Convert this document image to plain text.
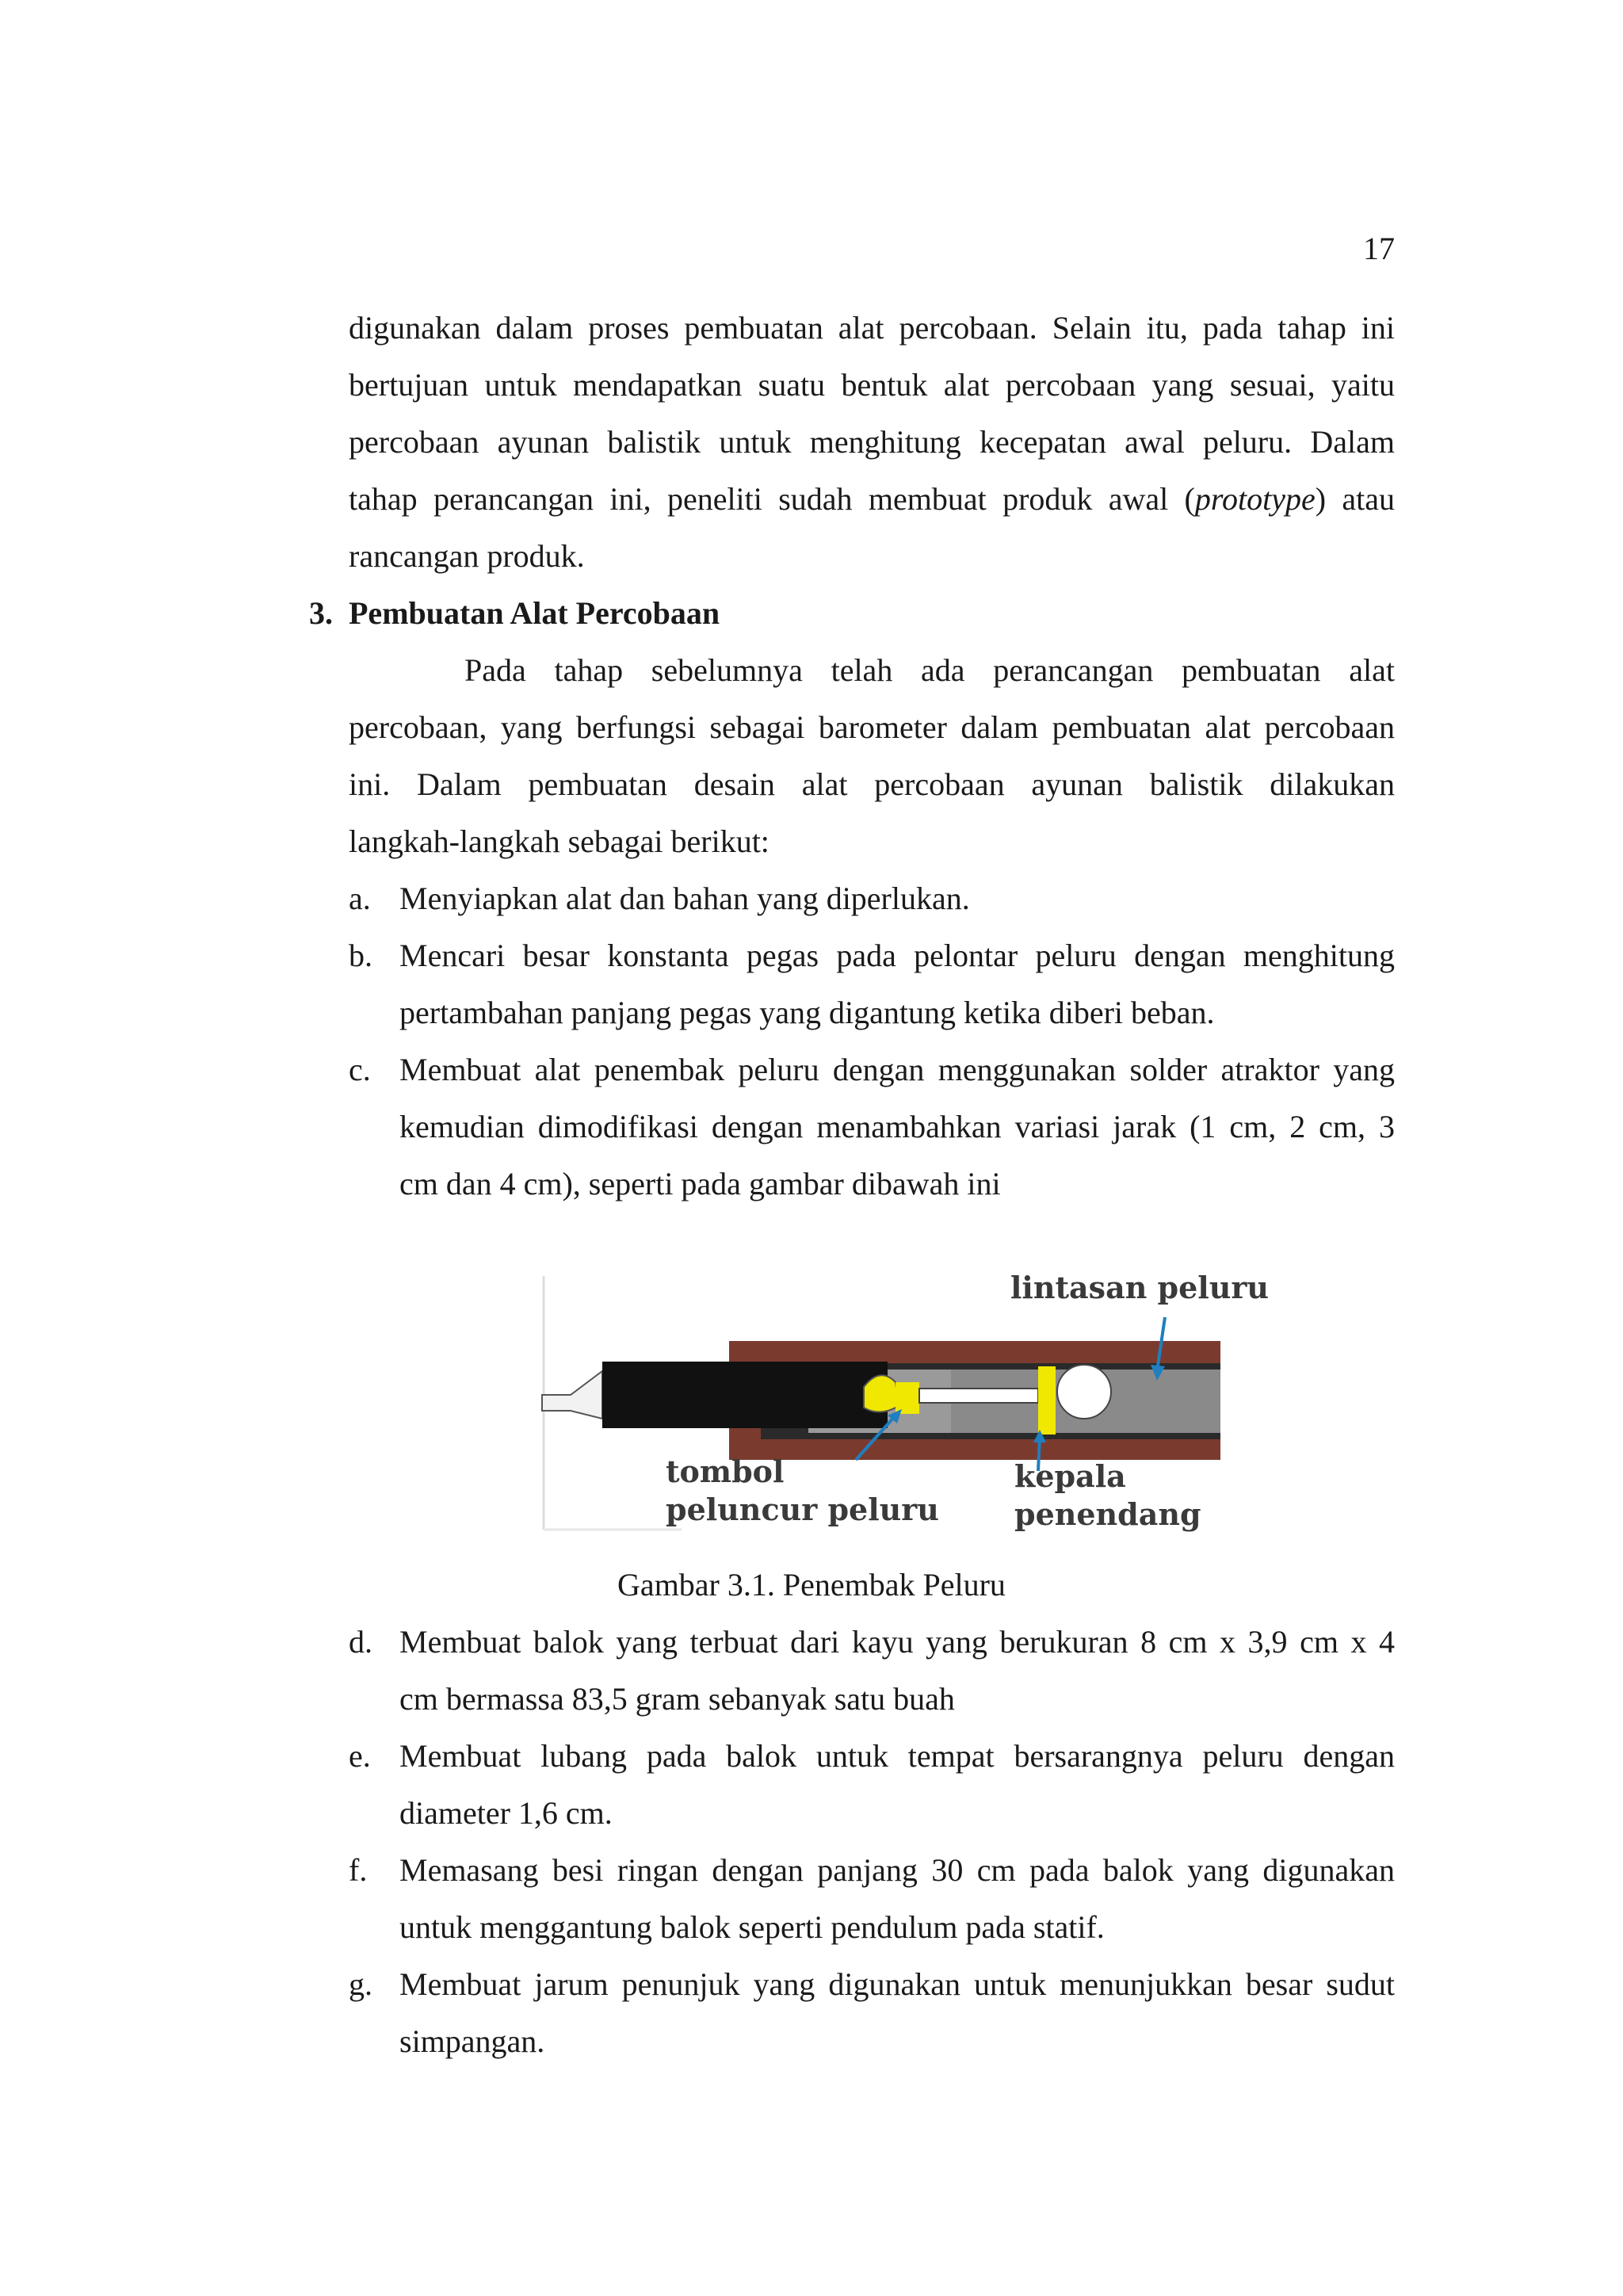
17
digunakan dalam proses pembuatan alat percobaan. Selain itu, pada tahap ini
bertujuan untuk mendapatkan suatu bentuk alat percobaan yang sesuai, yaitu
percobaan ayunan balistik untuk menghitung kecepatan awal peluru. Dalam
tahap perancangan ini, peneliti sudah membuat produk awal (prototype) atau
rancangan produk.
3. Pembuatan Alat Percobaan
Pada tahap sebelumnya telah ada perancangan pembuatan alat
percobaan, yang berfungsi sebagai barometer dalam pembuatan alat percobaan
ini. Dalam pembuatan desain alat percobaan ayunan balistik dilakukan
langkah-langkah sebagai berikut:
a. Menyiapkan alat dan bahan yang diperlukan.
b. Mencari besar konstanta pegas pada pelontar peluru dengan menghitung
pertambahan panjang pegas yang digantung ketika diberi beban.
c. Membuat alat penembak peluru dengan menggunakan solder atraktor yang
kemudian dimodifikasi dengan menambahkan variasi jarak (1 cm, 2 cm, 3
cm dan 4 cm), seperti pada gambar dibawah ini
lintasan peluru
tombol
peluncur peluru
kepala
penendang
Gambar 3.1. Penembak Peluru
d. Membuat balok yang terbuat dari kayu yang berukuran 8 cm x 3,9 cm x 4
cm bermassa 83,5 gram sebanyak satu buah
e. Membuat lubang pada balok untuk tempat bersarangnya peluru dengan
diameter 1,6 cm.
f.	Memasang besi ringan dengan panjang 30 cm pada balok yang digunakan
untuk menggantung balok seperti pendulum pada statif.
g. Membuat jarum penunjuk yang digunakan untuk menunjukkan besar sudut
simpangan.
